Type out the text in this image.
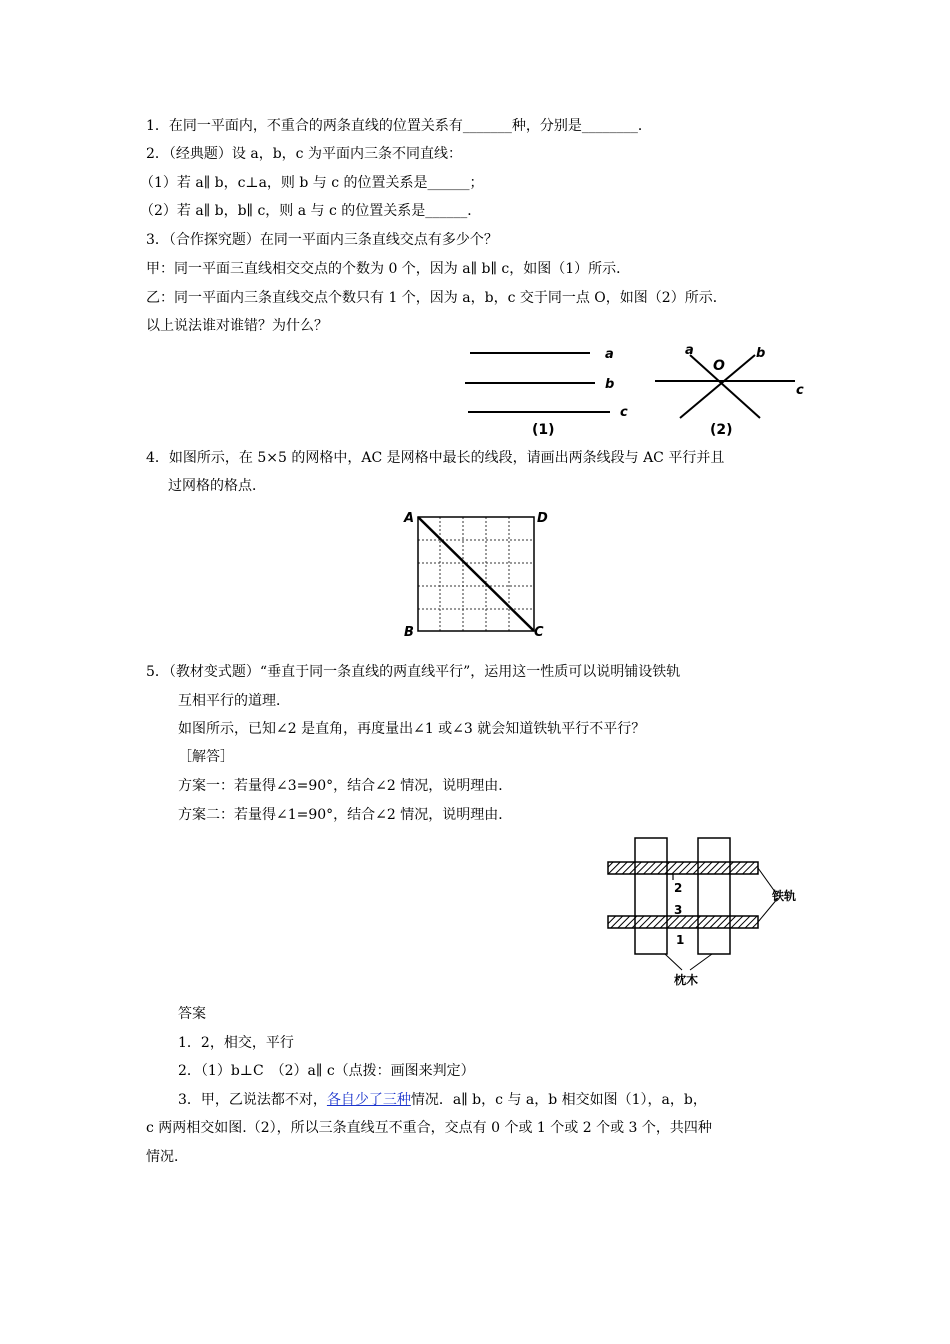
1．在同一平面内，不重合的两条直线的位置关系有_______种，分别是________．
2．（经典题）设 a，b，c 为平面内三条不同直线：
（1）若 a∥ b，c⊥a，则 b 与 c 的位置关系是______；
（2）若 a∥ b，b∥ c，则 a 与 c 的位置关系是______．
3．（合作探究题）在同一平面内三条直线交点有多少个？
甲：同一平面三直线相交交点的个数为 0 个，因为 a∥ b∥ c，如图（1）所示．
乙：同一平面内三条直线交点个数只有 1 个，因为 a，b，c 交于同一点 O，如图（2）所示．
以上说法谁对谁错？为什么？
a
b
c
(1)
a
O
b
c
(2)
4．如图所示，在 5×5 的网格中，AC 是网格中最长的线段，请画出两条线段与 AC 平行并且
过网格的格点．
A	D
B	C
5．（教材变式题）“垂直于同一条直线的两直线平行”，运用这一性质可以说明铺设铁轨
互相平行的道理．
如图所示，已知∠2 是直角，再度量出∠1 或∠3 就会知道铁轨平行不平行？
［解答］
方案一：若量得∠3=90°，结合∠2 情况，说明理由．
方案二：若量得∠1=90°，结合∠2 情况，说明理由．
2
3
1
铁轨
枕木
答案
1．2，相交，平行
2．（1）b⊥C　（2）a∥ c（点拨：画图来判定）
3．甲，乙说法都不对，各自少了三种情况．a∥ b，c 与 a，b 相交如图（1），a，b，
c 两两相交如图.（2），所以三条直线互不重合，交点有 0 个或 1 个或 2 个或 3 个，共四种
情况．
